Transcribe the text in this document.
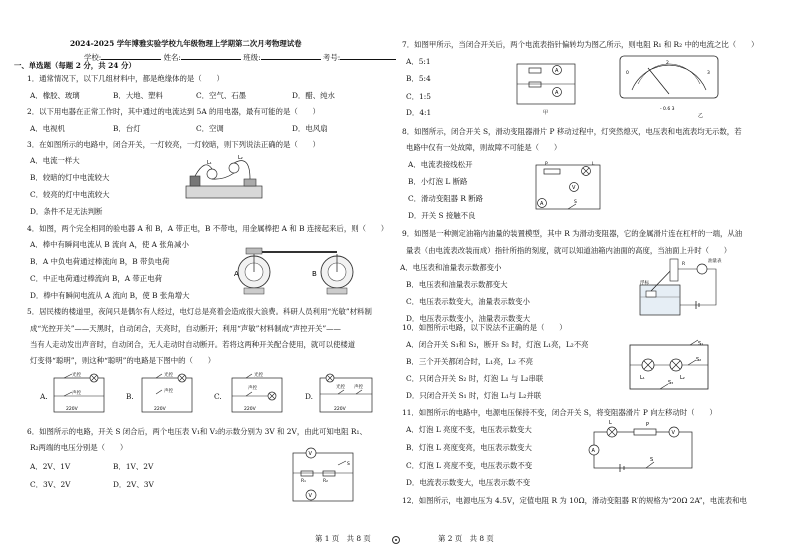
2024-2025 学年博雅实验学校九年级物理上学期第二次月考物理试卷
学校:	姓名:	班级:	考号:
一、单选题（每题 2 分，共 24 分）
1．通常情况下，以下几组材料中，都是绝缘体的是（　　）
A．橡胶、玻璃	B．大地、塑料	C．空气、石墨	D．醋、纯水
2．以下用电器在正常工作时，其中通过的电流达到 5A 的用电器，最有可能的是（　　）
A．电视机	B．台灯	C．空调	D．电风扇
3．在如图所示的电路中，闭合开关，一灯较亮，一灯较暗，则下列说法正确的是（　　）
A．电流一样大
B．较暗的灯中电流较大
C．较亮的灯中电流较大
D．条件不足无法判断
L₁
L₂
4．如图，两个完全相同的验电器 A 和 B，A 带正电，B 不带电，用金属棒把 A 和 B 连接起来后，则（　　）
A．棒中有瞬间电流从 B 流向 A，使 A 张角减小
B．A 中负电荷通过棒流向 B，B 带负电荷
C．中正电荷通过棒流向 B，A 带正电荷
D．棒中有瞬间电流从 A 流向 B，使 B 张角增大
A	B
5．居民楼的楼道里，夜间只是偶尔有人经过，电灯总是亮着会造成很大浪费。科研人员利用“光敏”材料制
成“光控开关”——天黑时，自动闭合，天亮时，自动断开；利用“声敏”材料制成“声控开关”——
当有人走动发出声音时，自动闭合，无人走动时自动断开。若将这两种开关配合使用，就可以使楼道
灯变得“聪明”，则这种“聪明”的电路是下图中的（　　）
A.
光控
声控
220V
B.
光控
声控
220V
C.
光控
声控
220V
D.
光控 声控
220V
6．如图所示的电路，开关 S 闭合后，两个电压表 V₁和 V₂的示数分别为 3V 和 2V，由此可知电阻 R₁、
R₂两端的电压分别是（　　）
A．2V、1V	B．1V、2V
C．3V、2V	D．2V、3V
V
V
R₁	R₂
S
第 1 页　共 8 页
7．如图甲所示，当闭合开关后，两个电流表指针偏转均为图乙所示，则电阻 R₁ 和 R₂ 中的电流之比（　　）
A．5:1
B．5:4
C．1:5
D．4:1
A
A
甲
0
2
3
- 0.6 3
乙
8．如图所示，闭合开关 S，滑动变阻器滑片 P 移动过程中，灯突然熄灭，电压表和电流表均无示数，若
电路中仅有一处故障，则故障不可能是（　　）
A．电流表接线松开
B．小灯泡 L 断路
C．滑动变阻器 R 断路
D．开关 S 接触不良
V
A
P	L
S
9．如图是一种测定油箱内油量的装置模型，其中 R 为滑动变阻器，它的金属滑片连在杠杆的一端，从油
量表（由电流表改装而成）指针所指的刻度，就可以知道油箱内油面的高度，当油面上升时（　　）
A．电压表和油量表示数都变小
B．电压表和油量表示数都变大
C．电压表示数变大，油量表示数变小
D．电压表示数变小，油量表示数变大
浮标
油量表
R
10．如图所示电路，以下说法不正确的是（　　）
A．闭合开关 S₁和 S₂，断开 S₃ 时，灯泡 L₁亮，L₂不亮
B．三个开关都闭合时，L₁亮，L₂ 不亮
C．只闭合开关 S₂ 时，灯泡 L₁ 与 L₂串联
D．只闭合开关 S₁ 时，灯泡 L₁与 L₂并联
L₁	L₂
S₁
S₂
S₃
11．如图所示的电路中，电源电压保持不变，闭合开关 S，将变阻器滑片 P 向左移动时（　　）
A．灯泡 L 亮度不变，电压表示数变大
B．灯泡 L 亮度变亮，电压表示数变大
C．灯泡 L 亮度不变，电压表示数不变
D．电流表示数变大，电压表示数不变
V
A
L	P
S
12．如图所示，电源电压为 4.5V，定值电阻 R 为 10Ω，滑动变阻器 R′的规格为“20Ω 2A”，电流表和电
第 2 页　共 8 页
